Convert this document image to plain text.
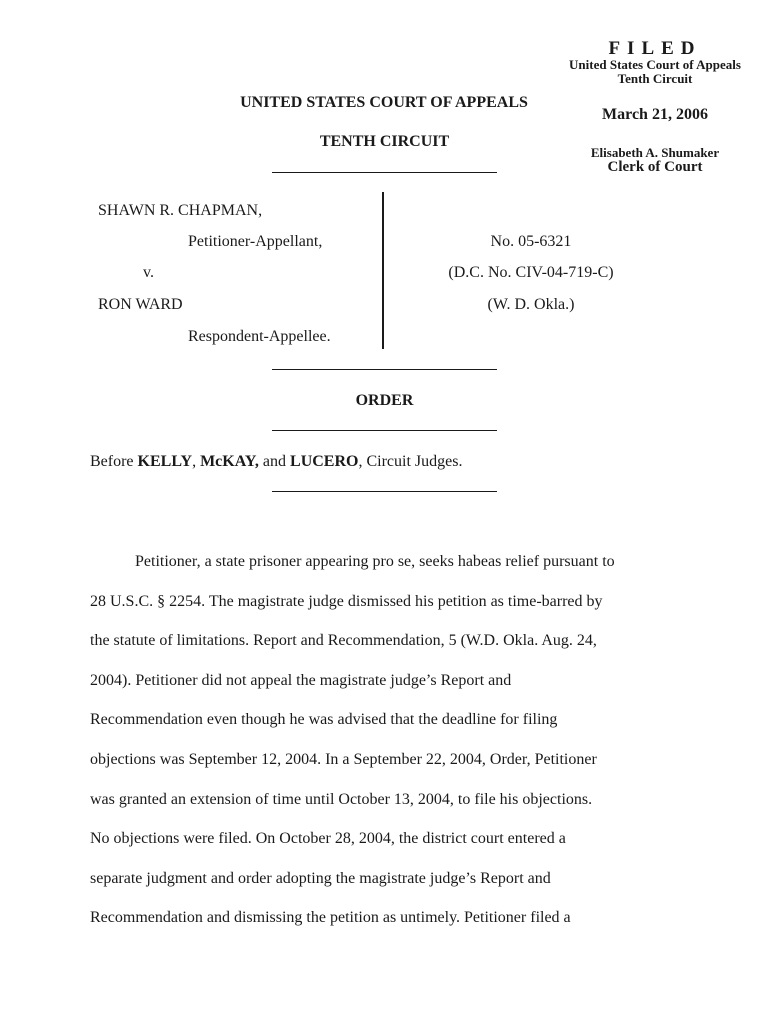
FILED
United States Court of Appeals
Tenth Circuit
March 21, 2006
Elisabeth A. Shumaker
Clerk of Court
UNITED STATES COURT OF APPEALS
TENTH CIRCUIT
SHAWN R. CHAPMAN,
Petitioner-Appellant,
v.
RON WARD
Respondent-Appellee.
No. 05-6321
(D.C. No. CIV-04-719-C)
(W. D. Okla.)
ORDER
Before KELLY, McKAY, and LUCERO, Circuit Judges.
Petitioner, a state prisoner appearing pro se, seeks habeas relief pursuant to
28 U.S.C. § 2254. The magistrate judge dismissed his petition as time-barred by
the statute of limitations. Report and Recommendation, 5 (W.D. Okla. Aug. 24,
2004). Petitioner did not appeal the magistrate judge’s Report and
Recommendation even though he was advised that the deadline for filing
objections was September 12, 2004. In a September 22, 2004, Order, Petitioner
was granted an extension of time until October 13, 2004, to file his objections.
No objections were filed. On October 28, 2004, the district court entered a
separate judgment and order adopting the magistrate judge’s Report and
Recommendation and dismissing the petition as untimely. Petitioner filed a
